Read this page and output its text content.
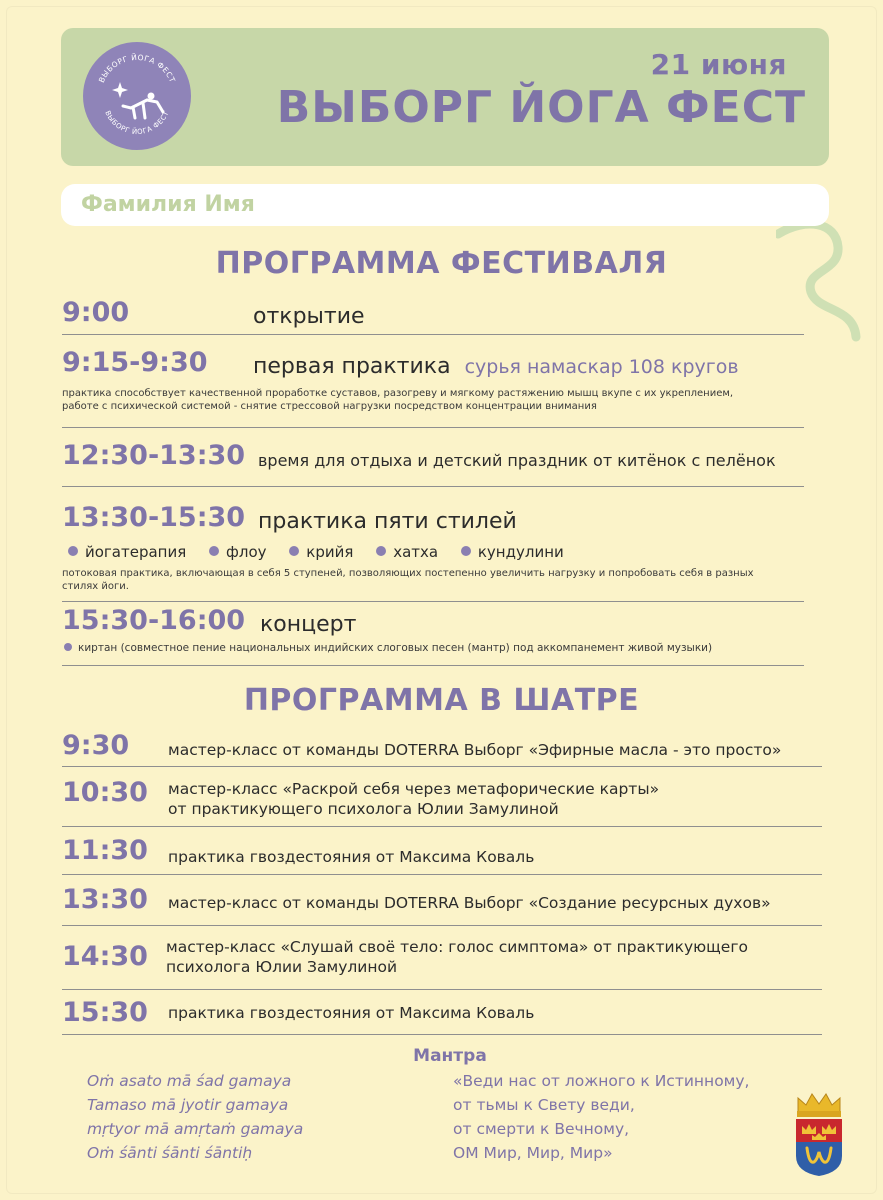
ВЫБОРГ ЙОГА ФЕСТ
ВЫБОРГ ЙОГА ФЕСТ
21 июня
ВЫБОРГ ЙОГА ФЕСТ
Фамилия Имя
ПРОГРАММА ФЕСТИВАЛЯ
9:00	открытие
9:15-9:30 первая практика сурья намаскар 108 кругов
практика способствует качественной проработке суставов, разогреву и мягкому растяжению мышц вкупе с их укреплением, работе с психической системой - снятие стрессовой нагрузки посредством концентрации внимания
12:30-13:30 время для отдыха и детский праздник от китёнок с пелёнок
13:30-15:30 практика пяти стилей
йогатерапия	флоу	крийя	хатха	кундулини
потоковая практика, включающая в себя 5 ступеней, позволяющих постепенно увеличить нагрузку и попробовать себя в разных стилях йоги.
15:30-16:00 концерт
киртан (совместное пение национальных индийских слоговых песен (мантр) под аккомпанемент живой музыки)
ПРОГРАММА В ШАТРЕ
9:30	мастер-класс от команды DOTERRA Выборг «Эфирные масла - это просто»
10:30 мастер-класс «Раскрой себя через метафорические карты»
от практикующего психолога Юлии Замулиной
11:30 практика гвоздестояния от Максима Коваль
13:30 мастер-класс от команды DOTERRA Выборг «Создание ресурсных духов»
14:30 мастер-класс «Слушай своё тело: голос симптома» от практикующего
психолога Юлии Замулиной
15:30 практика гвоздестояния от Максима Коваль
Мантра
Oṁ asato mā śad gamaya
Tamaso mā jyotir gamaya
mṛtyor mā amṛtaṁ gamaya
Oṁ śānti śānti śāntiḥ
«Веди нас от ложного к Истинному,
от тьмы к Свету веди,
от смерти к Вечному,
ОМ Мир, Мир, Мир»
